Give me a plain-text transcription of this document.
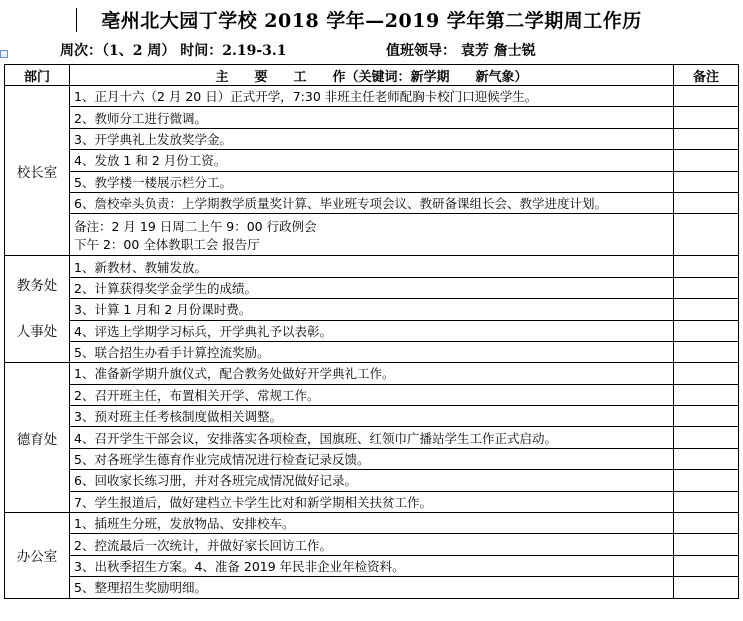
亳州北大园丁学校 2018 学年—2019 学年第二学期周工作历
周次：（1、2 周） 时间：2.19-3.1	值班领导： 袁芳 詹士锐
部门	主　　要　　工　　作（关键词：新学期　　新气象）	备注
校长室	1、正月十六（2 月 20 日）正式开学，7:30 非班主任老师配胸卡校门口迎候学生。	
	2、教师分工进行微调。	
	3、开学典礼上发放奖学金。	
	4、发放 1 和 2 月份工资。	
	5、教学楼一楼展示栏分工。	
	6、詹校牵头负责：上学期教学质量奖计算、毕业班专项会议、教研备课组长会、教学进度计划。	

	备注：2 月 19 日周二上午 9：00 行政例会
下午 2：00 全体教职工会 报告厅	

教务处
人事处	1、新教材、教辅发放。	
	2、计算获得奖学金学生的成绩。	
	3、计算 1 月和 2 月份课时费。	
	4、评选上学期学习标兵，开学典礼予以表彰。	
	5、联合招生办看手计算控流奖励。	
德育处	1、准备新学期升旗仪式，配合教务处做好开学典礼工作。	
	2、召开班主任，布置相关开学、常规工作。	
	3、预对班主任考核制度做相关调整。	
	4、召开学生干部会议，安排落实各项检查，国旗班、红领巾广播站学生工作正式启动。	
	5、对各班学生德育作业完成情况进行检查记录反馈。	
	6、回收家长练习册，并对各班完成情况做好记录。	
	7、学生报道后，做好建档立卡学生比对和新学期相关扶贫工作。	
办公室	1、插班生分班，发放物品、安排校车。	
	2、控流最后一次统计，并做好家长回访工作。	
	3、出秋季招生方案。4、准备 2019 年民非企业年检资料。	
	5、整理招生奖励明细。	
